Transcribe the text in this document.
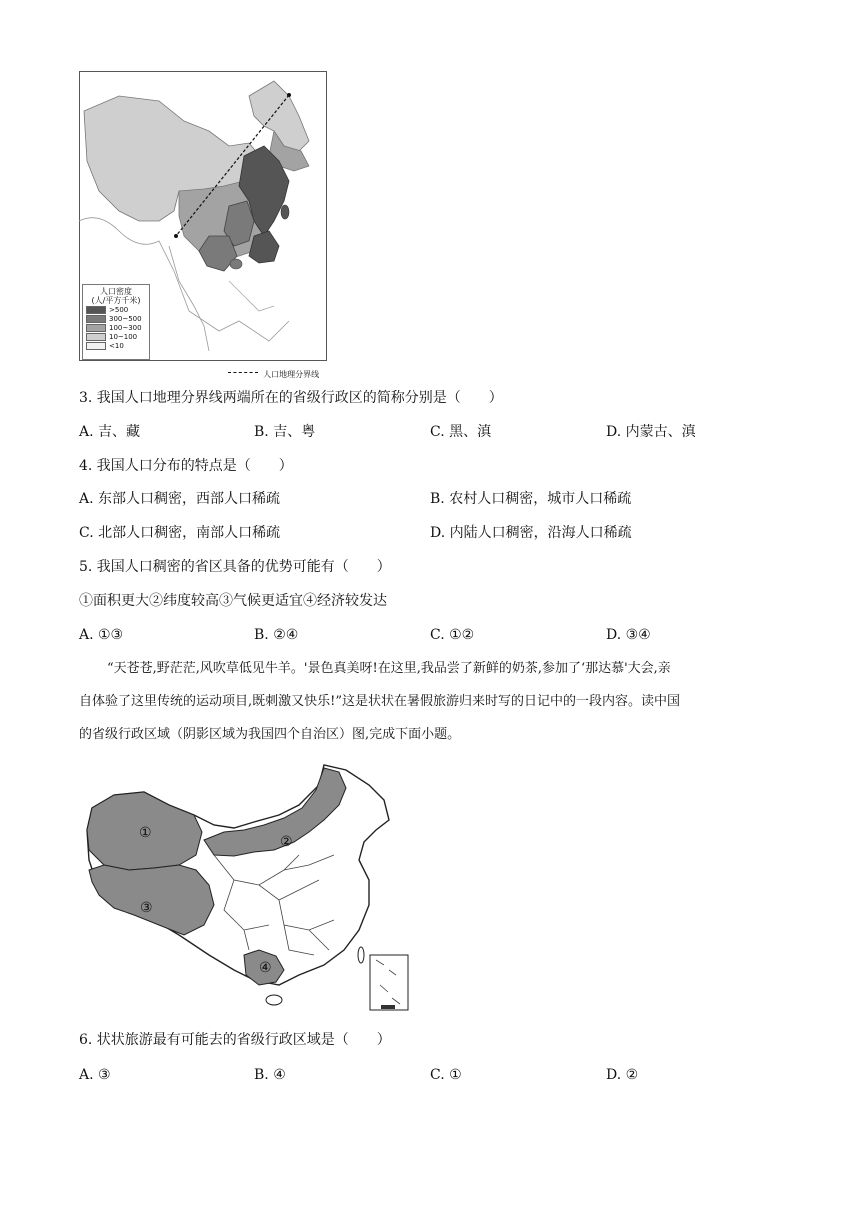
人口密度
(人/平方千米)
>500
300~500
100~300
10~100
<10
人口地理分界线
3. 我国人口地理分界线两端所在的省级行政区的简称分别是（　　）
A. 吉、藏	B. 吉、粤	C. 黑、滇	D. 内蒙古、滇
4. 我国人口分布的特点是（　　）
A. 东部人口稠密，西部人口稀疏	B. 农村人口稠密，城市人口稀疏
C. 北部人口稠密，南部人口稀疏	D. 内陆人口稠密，沿海人口稀疏
5. 我国人口稠密的省区具备的优势可能有（　　）
①面积更大②纬度较高③气候更适宜④经济较发达
A. ①③	B. ②④	C. ①②	D. ③④

“天苍苍,野茫茫,风吹草低见牛羊。'景色真美呀!在这里,我品尝了新鲜的奶茶,参加了‘那达慕'大会,亲

自体验了这里传统的运动项目,既刺激又快乐!”这是状状在暑假旅游归来时写的日记中的一段内容。读中国

的省级行政区域（阴影区域为我国四个自治区）图,完成下面小题。

①
②
③
④
6. 状状旅游最有可能去的省级行政区域是（　　）
A. ③	B. ④	C. ①	D. ②
